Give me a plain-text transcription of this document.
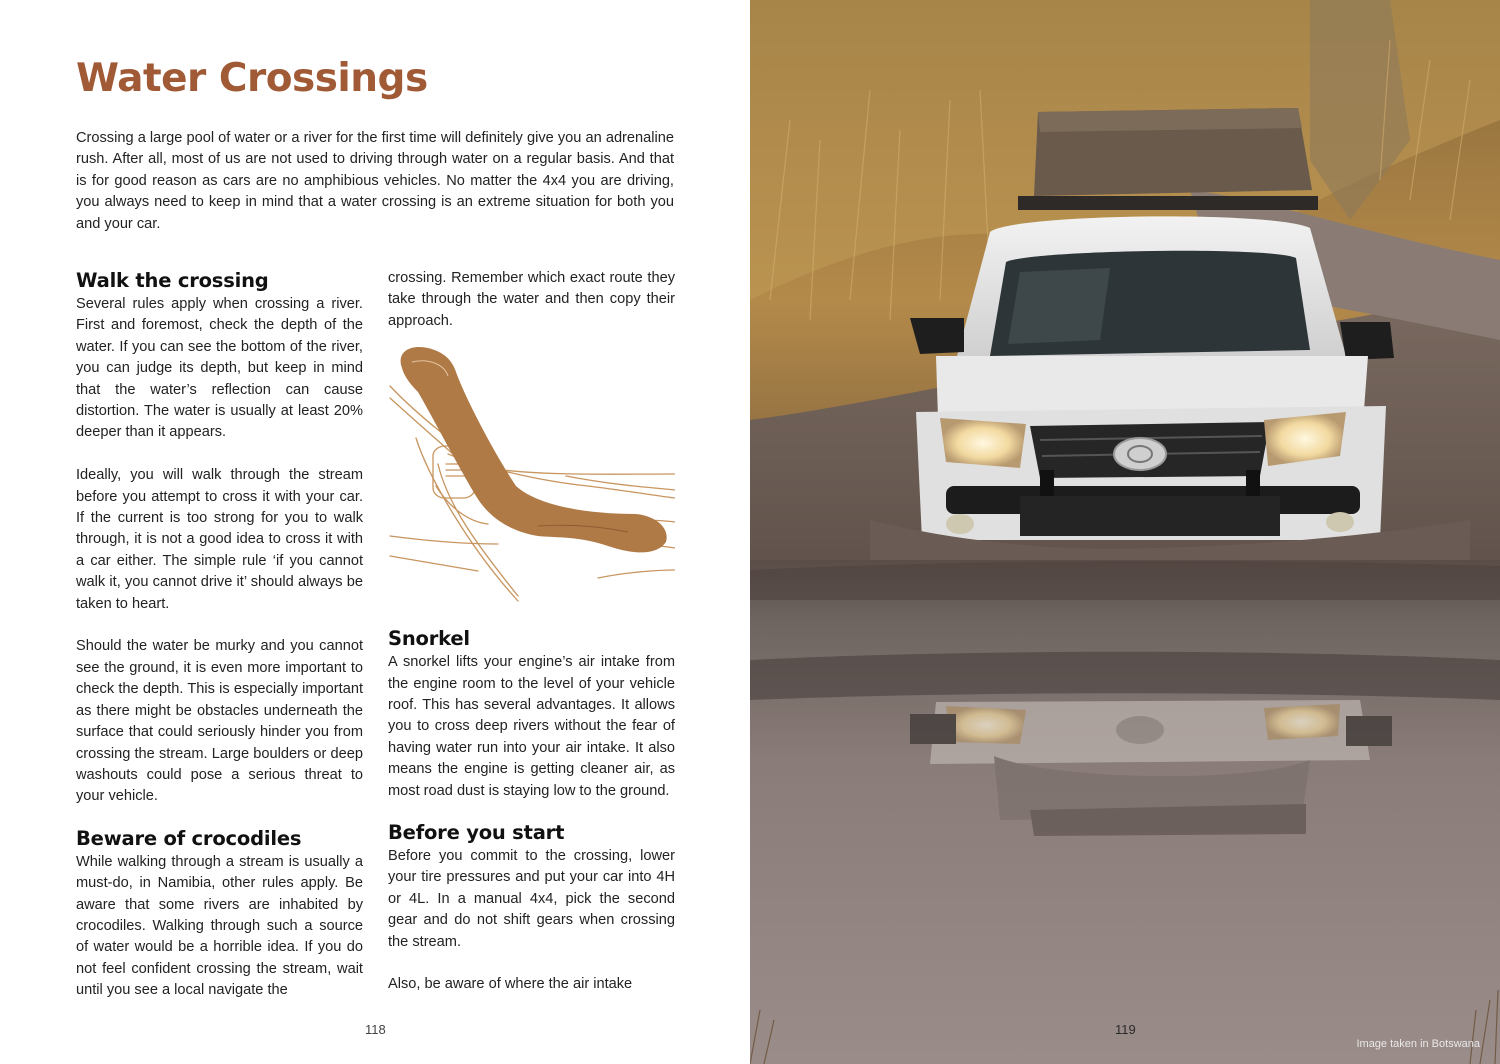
Water Crossings

Crossing a large pool of water or a river for the first time will definitely give you an adrenaline rush. After all, most of us are not used to driving through water on a regular basis. And that is for good reason as cars are no amphibious vehicles. No matter the 4x4 you are driving, you always need to keep in mind that a water crossing is an extreme situation for both you and your car.

Walk the crossing

Several rules apply when crossing a river. First and foremost, check the depth of the water. If you can see the bottom of the river, you can judge its depth, but keep in mind that the water’s reflection can cause distortion. The water is usually at least 20% deeper than it appears.

Ideally, you will walk through the stream before you attempt to cross it with your car. If the current is too strong for you to walk through, it is not a good idea to cross it with a car either. The simple rule ‘if you cannot walk it, you cannot drive it’ should always be taken to heart.

Should the water be murky and you cannot see the ground, it is even more important to check the depth. This is especially important as there might be obstacles underneath the surface that could seriously hinder you from crossing the stream. Large boulders or deep washouts could pose a serious threat to your vehicle.

Beware of crocodiles

While walking through a stream is usually a must-do, in Namibia, other rules apply. Be aware that some rivers are inhabited by crocodiles. Walking through such a source of water would be a horrible idea. If you do not feel confident crossing the stream, wait until you see a local navigate the

crossing. Remember which exact route they take through the water and then copy their approach.

Snorkel

A snorkel lifts your engine’s air intake from the engine room to the level of your vehicle roof. This has several advantages. It allows you to cross deep rivers without the fear of having water run into your air intake. It also means the engine is getting cleaner air, as most road dust is staying low to the ground.

Before you start

Before you commit to the crossing, lower your tire pressures and put your car into 4H or 4L. In a manual 4x4, pick the second gear and do not shift gears when crossing the stream.

Also, be aware of where the air intake

118	119
Image taken in Botswana
